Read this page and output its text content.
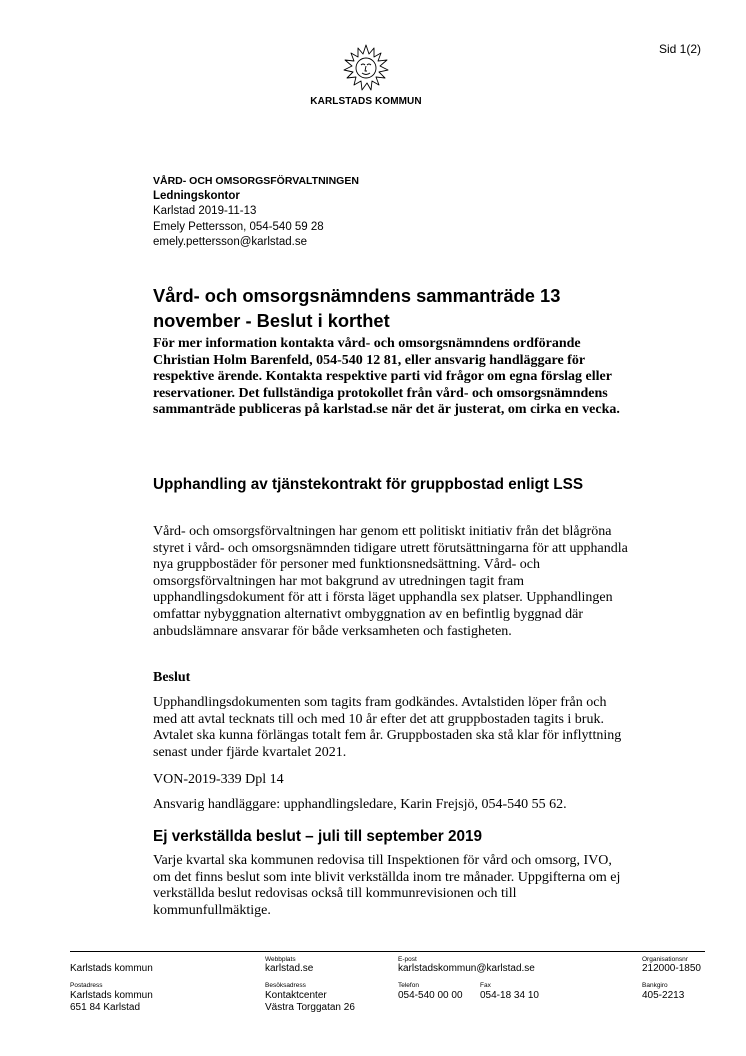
Sid 1(2)
KARLSTADS KOMMUN
VÅRD- OCH OMSORGSFÖRVALTNINGEN
Ledningskontor
Karlstad 2019-11-13
Emely Pettersson, 054-540 59 28
emely.pettersson@karlstad.se
Vård- och omsorgsnämndens sammanträde 13 november - Beslut i korthet

För mer information kontakta vård- och omsorgsnämndens ordförande Christian Holm Barenfeld, 054-540 12 81, eller ansvarig handläggare för respektive ärende. Kontakta respektive parti vid frågor om egna förslag eller reservationer. Det fullständiga protokollet från vård- och omsorgsnämndens sammanträde publiceras på karlstad.se när det är justerat, om cirka en vecka.

Upphandling av tjänstekontrakt för gruppbostad enligt LSS

Vård- och omsorgsförvaltningen har genom ett politiskt initiativ från det blågröna styret i vård- och omsorgsnämnden tidigare utrett förutsättningarna för att upphandla nya gruppbostäder för personer med funktionsnedsättning. Vård- och omsorgsförvaltningen har mot bakgrund av utredningen tagit fram upphandlingsdokument för att i första läget upphandla sex platser. Upphandlingen omfattar nybyggnation alternativt ombyggnation av en befintlig byggnad där anbudslämnare ansvarar för både verksamheten och fastigheten.

Beslut

Upphandlingsdokumenten som tagits fram godkändes. Avtalstiden löper från och med att avtal tecknats till och med 10 år efter det att gruppbostaden tagits i bruk. Avtalet ska kunna förlängas totalt fem år. Gruppbostaden ska stå klar för inflyttning senast under fjärde kvartalet 2021.

VON-2019-339 Dpl 14

Ansvarig handläggare: upphandlingsledare, Karin Frejsjö, 054-540 55 62.

Ej verkställda beslut – juli till september 2019

Varje kvartal ska kommunen redovisa till Inspektionen för vård och omsorg, IVO, om det finns beslut som inte blivit verkställda inom tre månader. Uppgifterna om ej verkställda beslut redovisas också till kommunrevisionen och till kommunfullmäktige.

Karlstads kommun
Webbplats
karlstad.se
E-post
karlstadskommun@karlstad.se
Organisationsnr
212000-1850
Postadress
Karlstads kommun
651 84 Karlstad
Besöksadress
Kontaktcenter
Västra Torggatan 26
Telefon
054-540 00 00
Fax
054-18 34 10
Bankgiro
405-2213
